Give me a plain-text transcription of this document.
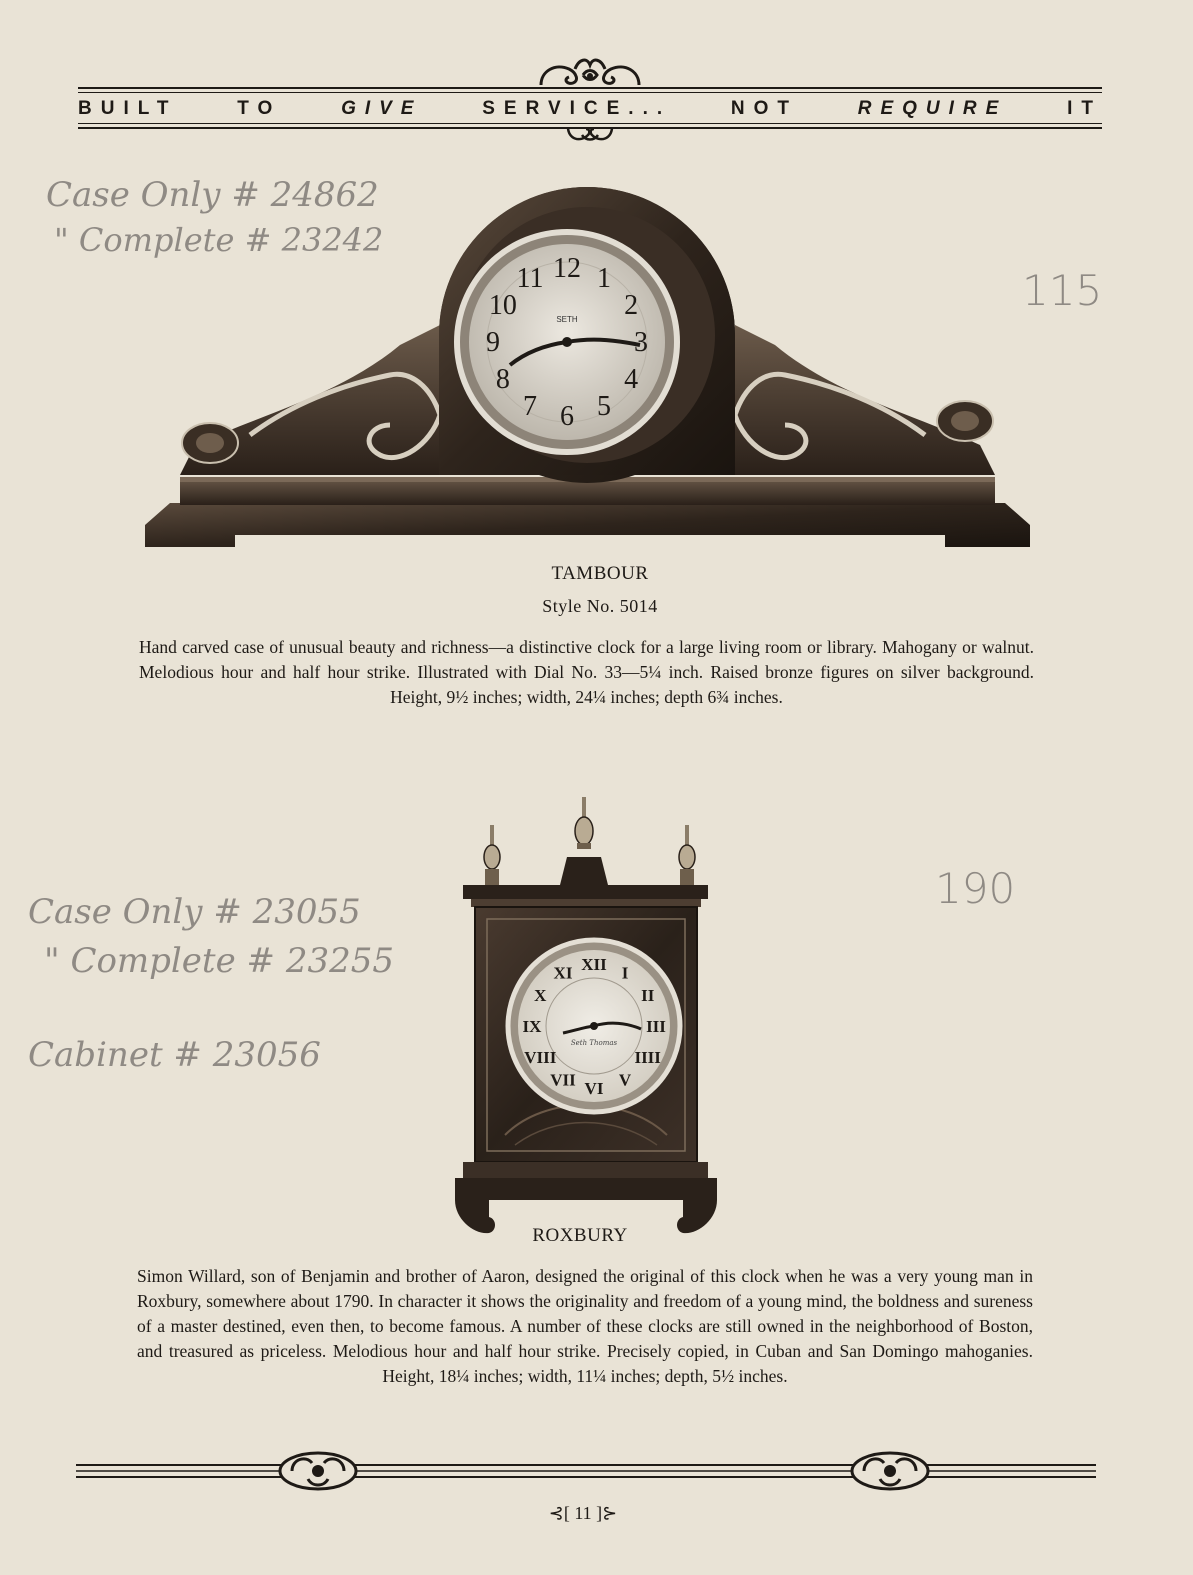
BUILT	TO	GIVE	SERVICE...	NOT	REQUIRE	IT
Case Only # 24862
" Complete # 23242
115
12 1
2
3
4
5
6
7
8
9
10
11
SETH
TAMBOUR
Style No. 5014
Hand carved case of unusual beauty and richness—a distinctive clock for a large living room or library. Mahogany or walnut. Melodious hour and half hour strike. Illustrated with Dial No. 33—5¼ inch. Raised bronze figures on silver background. Height, 9½ inches; width, 24¼ inches; depth 6¾ inches.
Case Only # 23055
" Complete # 23255
Cabinet # 23056
190
XII I
II
III
IIII
V
VI
VII
VIII
IX
X
XI
Seth Thomas
ROXBURY
Simon Willard, son of Benjamin and brother of Aaron, designed the original of this clock when he was a very young man in Roxbury, somewhere about 1790. In character it shows the originality and freedom of a young mind, the boldness and sureness of a master destined, even then, to become famous. A number of these clocks are still owned in the neighborhood of Boston, and treasured as priceless. Melodious hour and half hour strike. Precisely copied, in Cuban and San Domingo mahoganies. Height, 18¼ inches; width, 11¼ inches; depth, 5½ inches.
⊰[ 11 ]⊱
